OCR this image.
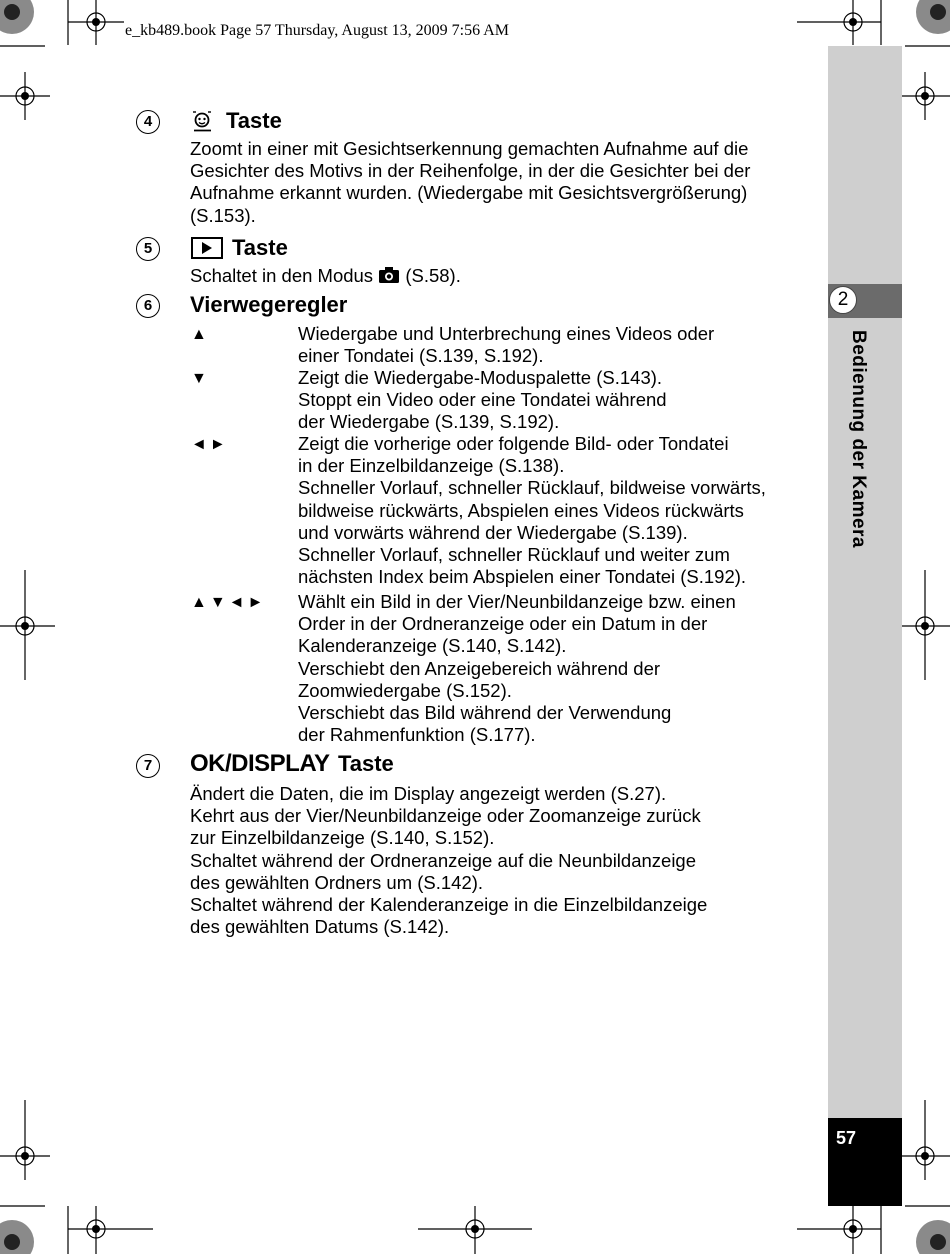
e_kb489.book Page 57 Thursday, August 13, 2009 7:56 AM
2
Bedienung der Kamera
57
4	Taste
Zoomt in einer mit Gesichtserkennung gemachten Aufnahme auf die
Gesichter des Motivs in der Reihenfolge, in der die Gesichter bei der
Aufnahme erkannt wurden. (Wiedergabe mit Gesichtsvergrößerung)
(S.153).
5	Taste
Schaltet in den Modus (S.58).
6	Vierwegeregler
▲	Wiedergabe und Unterbrechung eines Videos oder
einer Tondatei (S.139, S.192).
▼	Zeigt die Wiedergabe-Moduspalette (S.143).
Stoppt ein Video oder eine Tondatei während
der Wiedergabe (S.139, S.192).
◄►	Zeigt die vorherige oder folgende Bild- oder Tondatei
in der Einzelbildanzeige (S.138).
Schneller Vorlauf, schneller Rücklauf, bildweise vorwärts,
bildweise rückwärts, Abspielen eines Videos rückwärts
und vorwärts während der Wiedergabe (S.139).
Schneller Vorlauf, schneller Rücklauf und weiter zum
nächsten Index beim Abspielen einer Tondatei (S.192).
▲▼◄► Wählt ein Bild in der Vier/Neunbildanzeige bzw. einen
Order in der Ordneranzeige oder ein Datum in der
Kalenderanzeige (S.140, S.142).
Verschiebt den Anzeigebereich während der
Zoomwiedergabe (S.152).
Verschiebt das Bild während der Verwendung
der Rahmenfunktion (S.177).
7	OK/DISPLAY Taste
Ändert die Daten, die im Display angezeigt werden (S.27).
Kehrt aus der Vier/Neunbildanzeige oder Zoomanzeige zurück
zur Einzelbildanzeige (S.140, S.152).
Schaltet während der Ordneranzeige auf die Neunbildanzeige
des gewählten Ordners um (S.142).
Schaltet während der Kalenderanzeige in die Einzelbildanzeige
des gewählten Datums (S.142).
